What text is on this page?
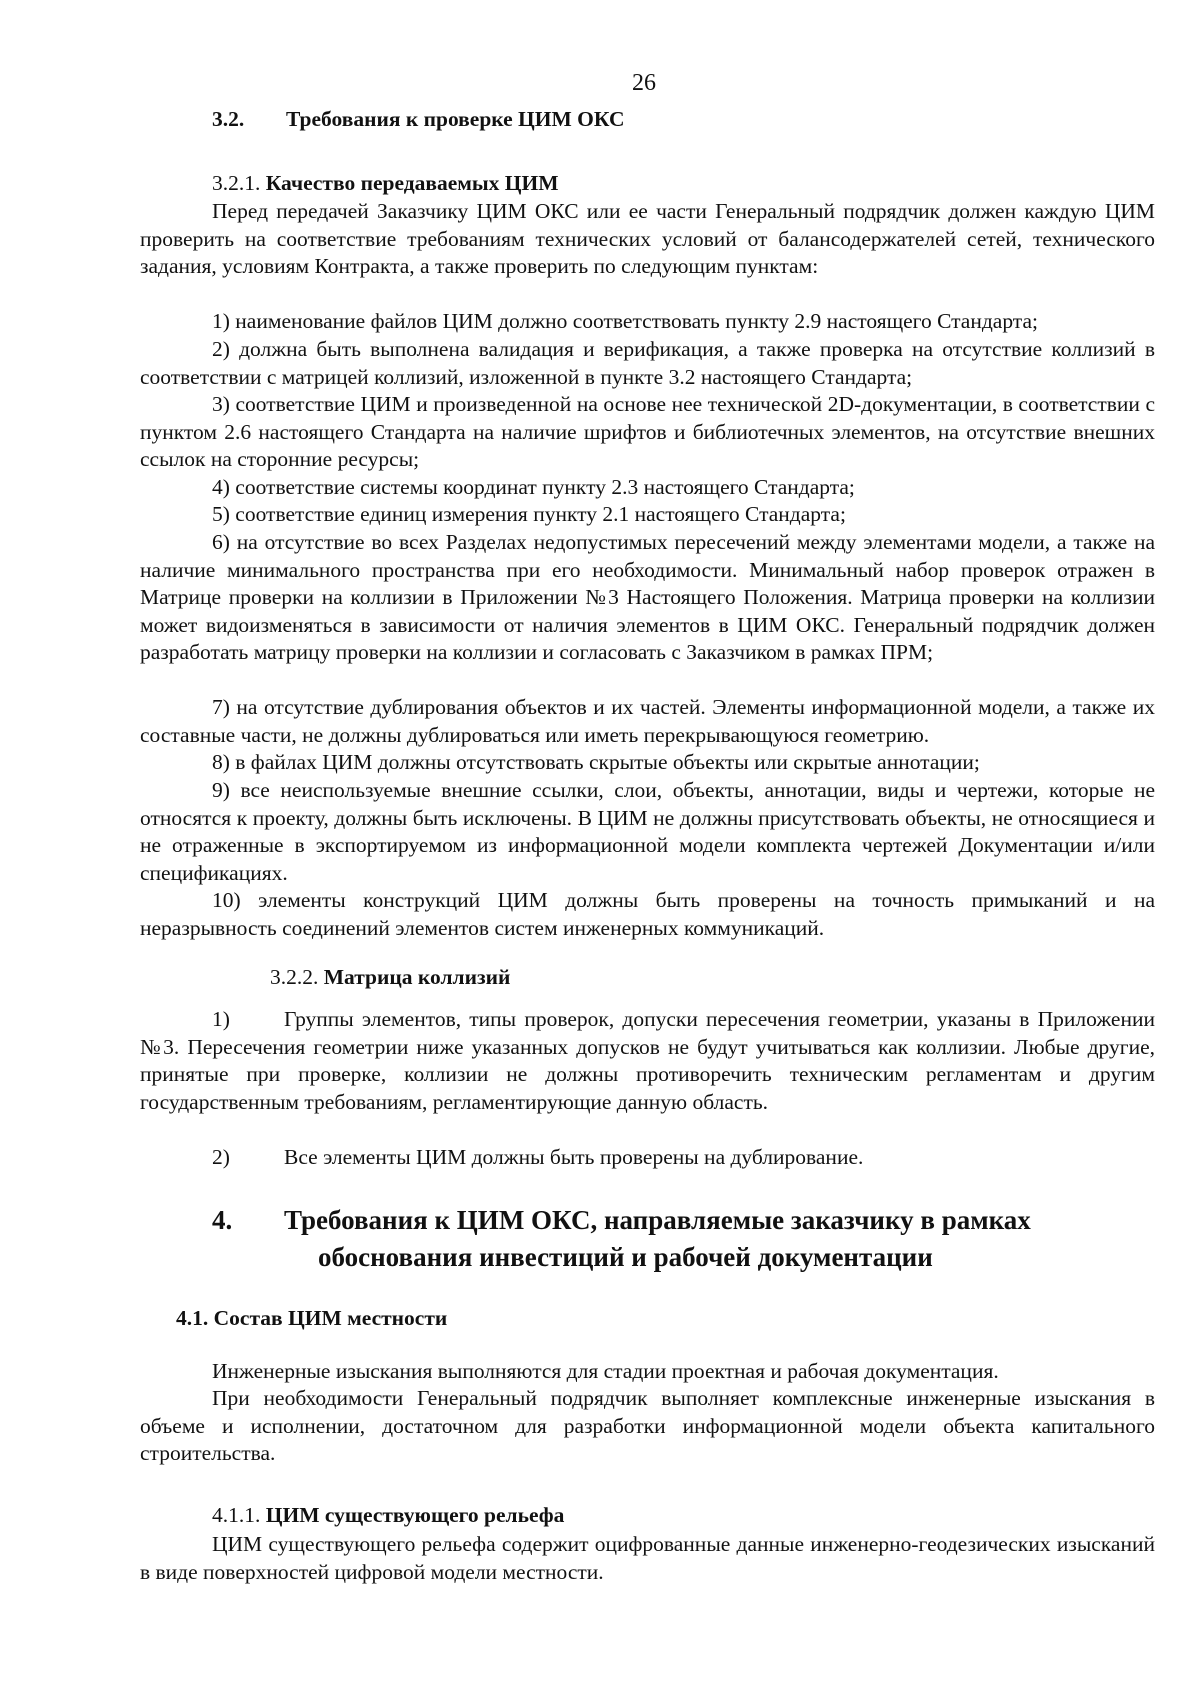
26
3.2. Требования к проверке ЦИМ ОКС
3.2.1. Качество передаваемых ЦИМ

Перед передачей Заказчику ЦИМ ОКС или ее части Генеральный подрядчик должен каждую ЦИМ проверить на соответствие требованиям технических условий от балансодержателей сетей, технического задания, условиям Контракта, а также проверить по следующим пунктам:

1) наименование файлов ЦИМ должно соответствовать пункту 2.9 настоящего Стандарта;

2) должна быть выполнена валидация и верификация, а также проверка на отсутствие коллизий в соответствии с матрицей коллизий, изложенной в пункте 3.2 настоящего Стандарта;

3) соответствие ЦИМ и произведенной на основе нее технической 2D-документации, в соответствии с пунктом 2.6 настоящего Стандарта на наличие шрифтов и библиотечных элементов, на отсутствие внешних ссылок на сторонние ресурсы;

4) соответствие системы координат пункту 2.3 настоящего Стандарта;

5) соответствие единиц измерения пункту 2.1 настоящего Стандарта;

6) на отсутствие во всех Разделах недопустимых пересечений между элементами модели, а также на наличие минимального пространства при его необходимости. Минимальный набор проверок отражен в Матрице проверки на коллизии в Приложении №3 Настоящего Положения. Матрица проверки на коллизии может видоизменяться в зависимости от наличия элементов в ЦИМ ОКС. Генеральный подрядчик должен разработать матрицу проверки на коллизии и согласовать с Заказчиком в рамках ПРМ;

7) на отсутствие дублирования объектов и их частей. Элементы информационной модели, а также их составные части, не должны дублироваться или иметь перекрывающуюся геометрию.

8) в файлах ЦИМ должны отсутствовать скрытые объекты или скрытые аннотации;

9) все неиспользуемые внешние ссылки, слои, объекты, аннотации, виды и чертежи, которые не относятся к проекту, должны быть исключены. В ЦИМ не должны присутствовать объекты, не относящиеся и не отраженные в экспортируемом из информационной модели комплекта чертежей Документации и/или спецификациях.

10) элементы конструкций ЦИМ должны быть проверены на точность примыканий и на неразрывность соединений элементов систем инженерных коммуникаций.

3.2.2. Матрица коллизий
1)	Группы элементов, типы проверок, допуски пересечения геометрии, указаны в Приложении №3. Пересечения геометрии ниже указанных допусков не будут учитываться как коллизии. Любые другие, принятые при проверке, коллизии не должны противоречить техническим регламентам и другим государственным требованиям, регламентирующие данную область.
2)	Все элементы ЦИМ должны быть проверены на дублирование.
4. Требования к ЦИМ ОКС, направляемые заказчику в рамках
обоснования инвестиций и рабочей документации
4.1. Состав ЦИМ местности

Инженерные изыскания выполняются для стадии проектная и рабочая документация.

При необходимости Генеральный подрядчик выполняет комплексные инженерные изыскания в объеме и исполнении, достаточном для разработки информационной модели объекта капитального строительства.

4.1.1. ЦИМ существующего рельефа

ЦИМ существующего рельефа содержит оцифрованные данные инженерно-геодезических изысканий в виде поверхностей цифровой модели местности.
